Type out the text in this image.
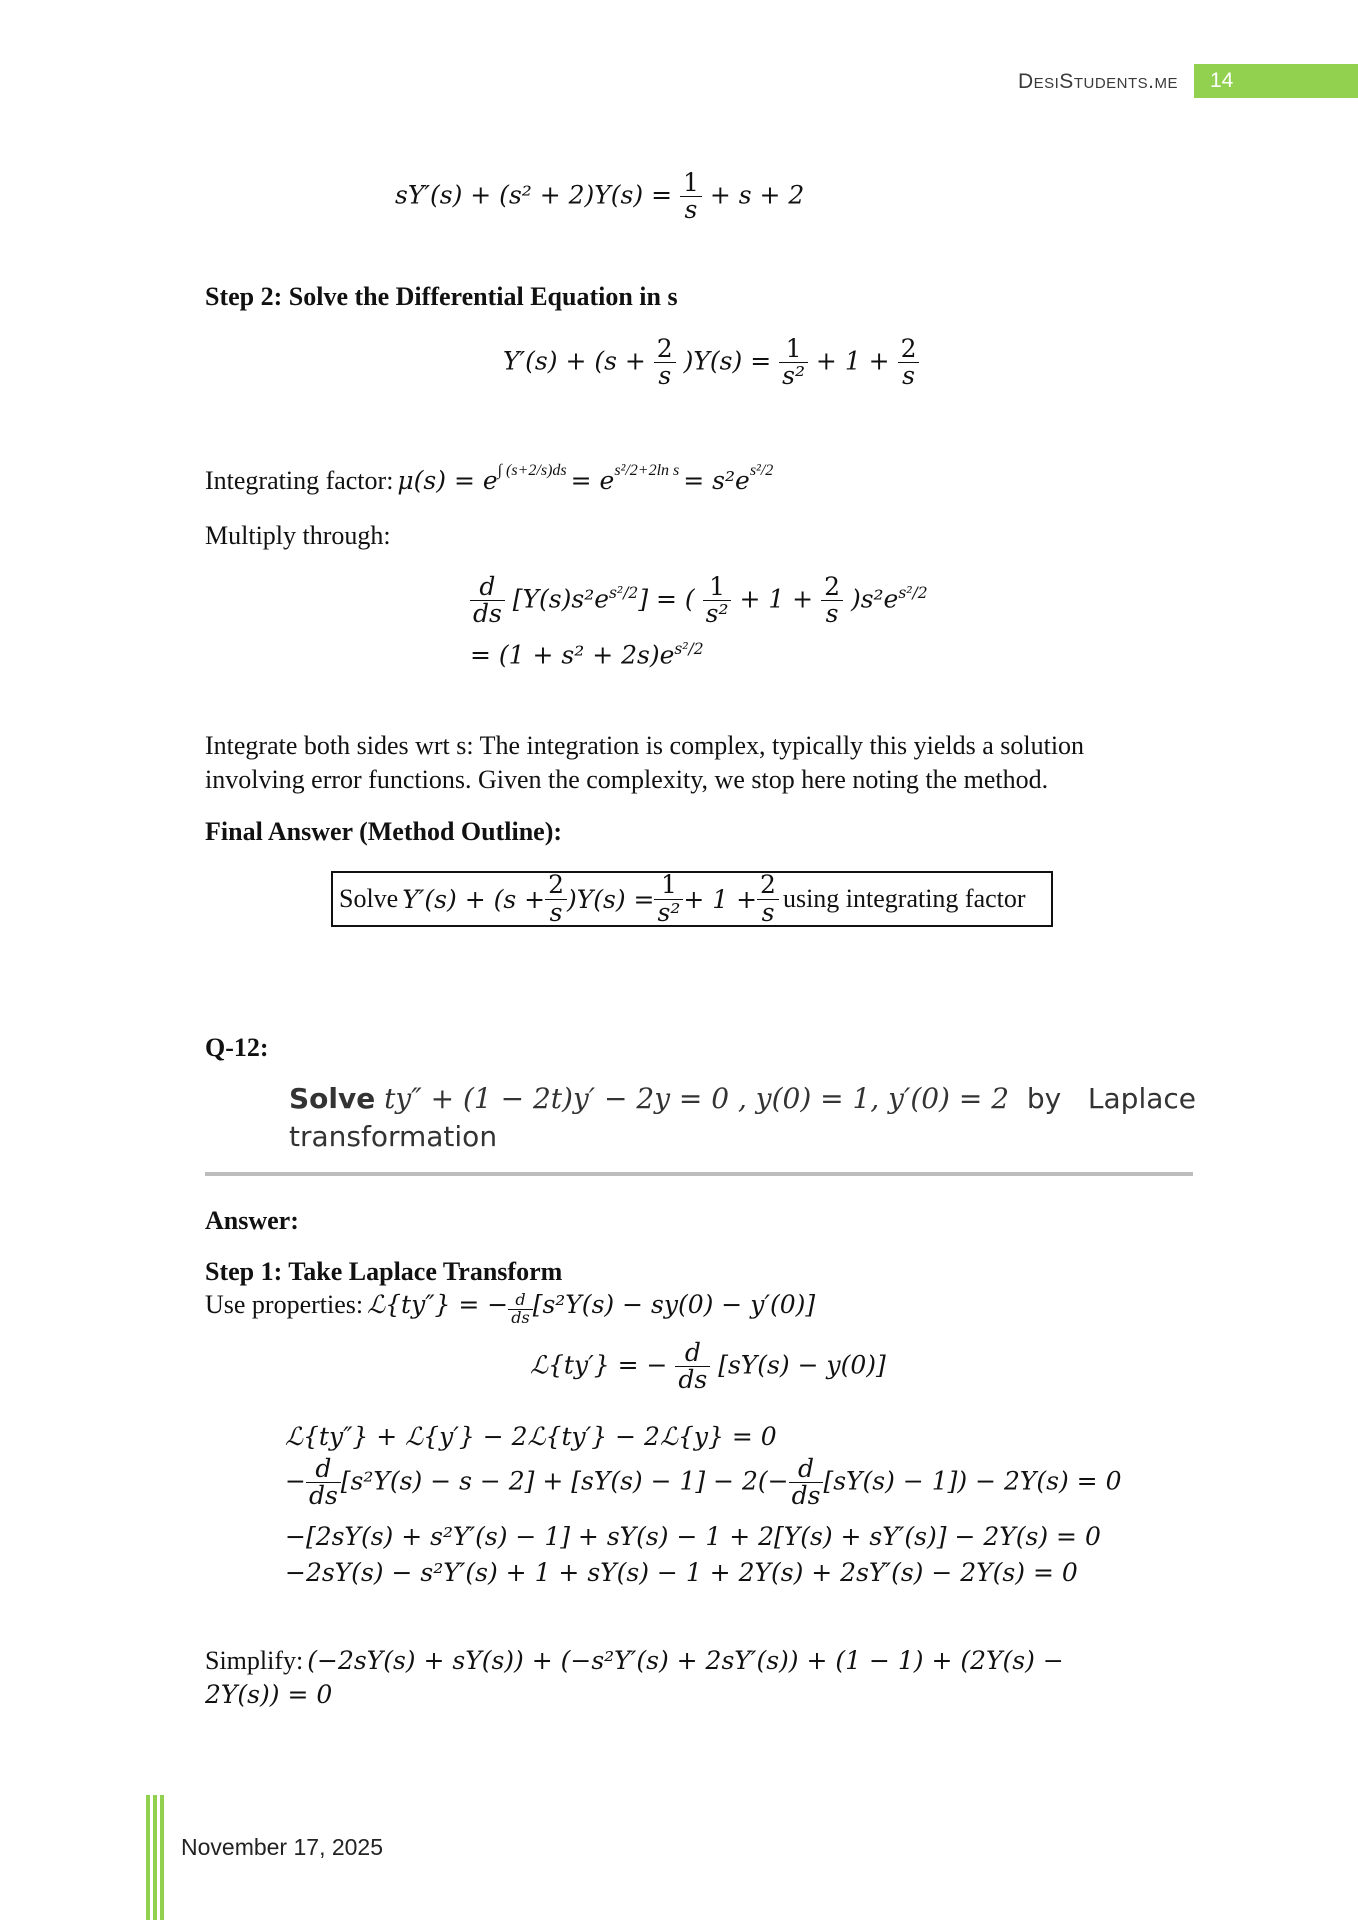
DesiStudents.me	14
$sY'(s) + (s^2 + 2)Y(s) = \frac{1}{s} + s + 2$
Step 2: Solve the Differential Equation in s
$Y'(s) + (s + \frac{2}{s} )Y(s) = \frac{1}{\text{s²}} + 1 + \frac{2}{s}$
Integrating factor: μ(s) = e∫ (s+2/s)ds = es²/2+2ln s = s²es²/2
Multiply through:
$\frac{d}{ds} [Y(s)s^2e^{s^2/2}]$ = ( $\frac{1}{\text{s²}} + 1 + \frac{2}{s} )s^2e^{s^2/2}$
= $(1 + s^2 + 2s)e^{s^2/2}$
Integrate both sides wrt s: The integration is complex, typically this yields a solution involving error functions. Given the complexity, we stop here noting the method.
Final Answer (Method Outline):
Solve
$Y'(s) + (s + \frac{2}{s} )Y(s) = \frac{1}{\text{s²}} + 1 + \frac{2}{s}$
using integrating factor
Q-12:
Solve ty″ + (1 − 2t)y′ − 2y = 0 , y(0) = 1, y′(0) = 2 by Laplace
transformation
Answer:
Step 1: Take Laplace Transform
Use properties: ℒ{ty″} = − $\frac{d}{ds} [s^2Y(s) - sy(0) - y'(0)]$
ℒ{ty′} = − $\frac{d}{ds} [sY(s) - y(0)]$
ℒ{ty″} + ℒ{y′} − 2ℒ{ty′} − 2ℒ{y} = 0
− $\frac{d}{ds} [s^2Y(s) - s - 2] + [sY(s) - 1] - 2(- \frac{d}{ds} [sY(s) - 1]) - 2Y(s) = 0$
−[2sY(s) + s²Y′(s) − 1] + sY(s) − 1 + 2[Y(s) + sY′(s)] − 2Y(s) = 0
−2sY(s) − s²Y′(s) + 1 + sY(s) − 1 + 2Y(s) + 2sY′(s) − 2Y(s) = 0
Simplify: (−2sY(s) + sY(s)) + (−s²Y′(s) + 2sY′(s)) + (1 − 1) + (2Y(s) −
2Y(s)) = 0
November 17, 2025
